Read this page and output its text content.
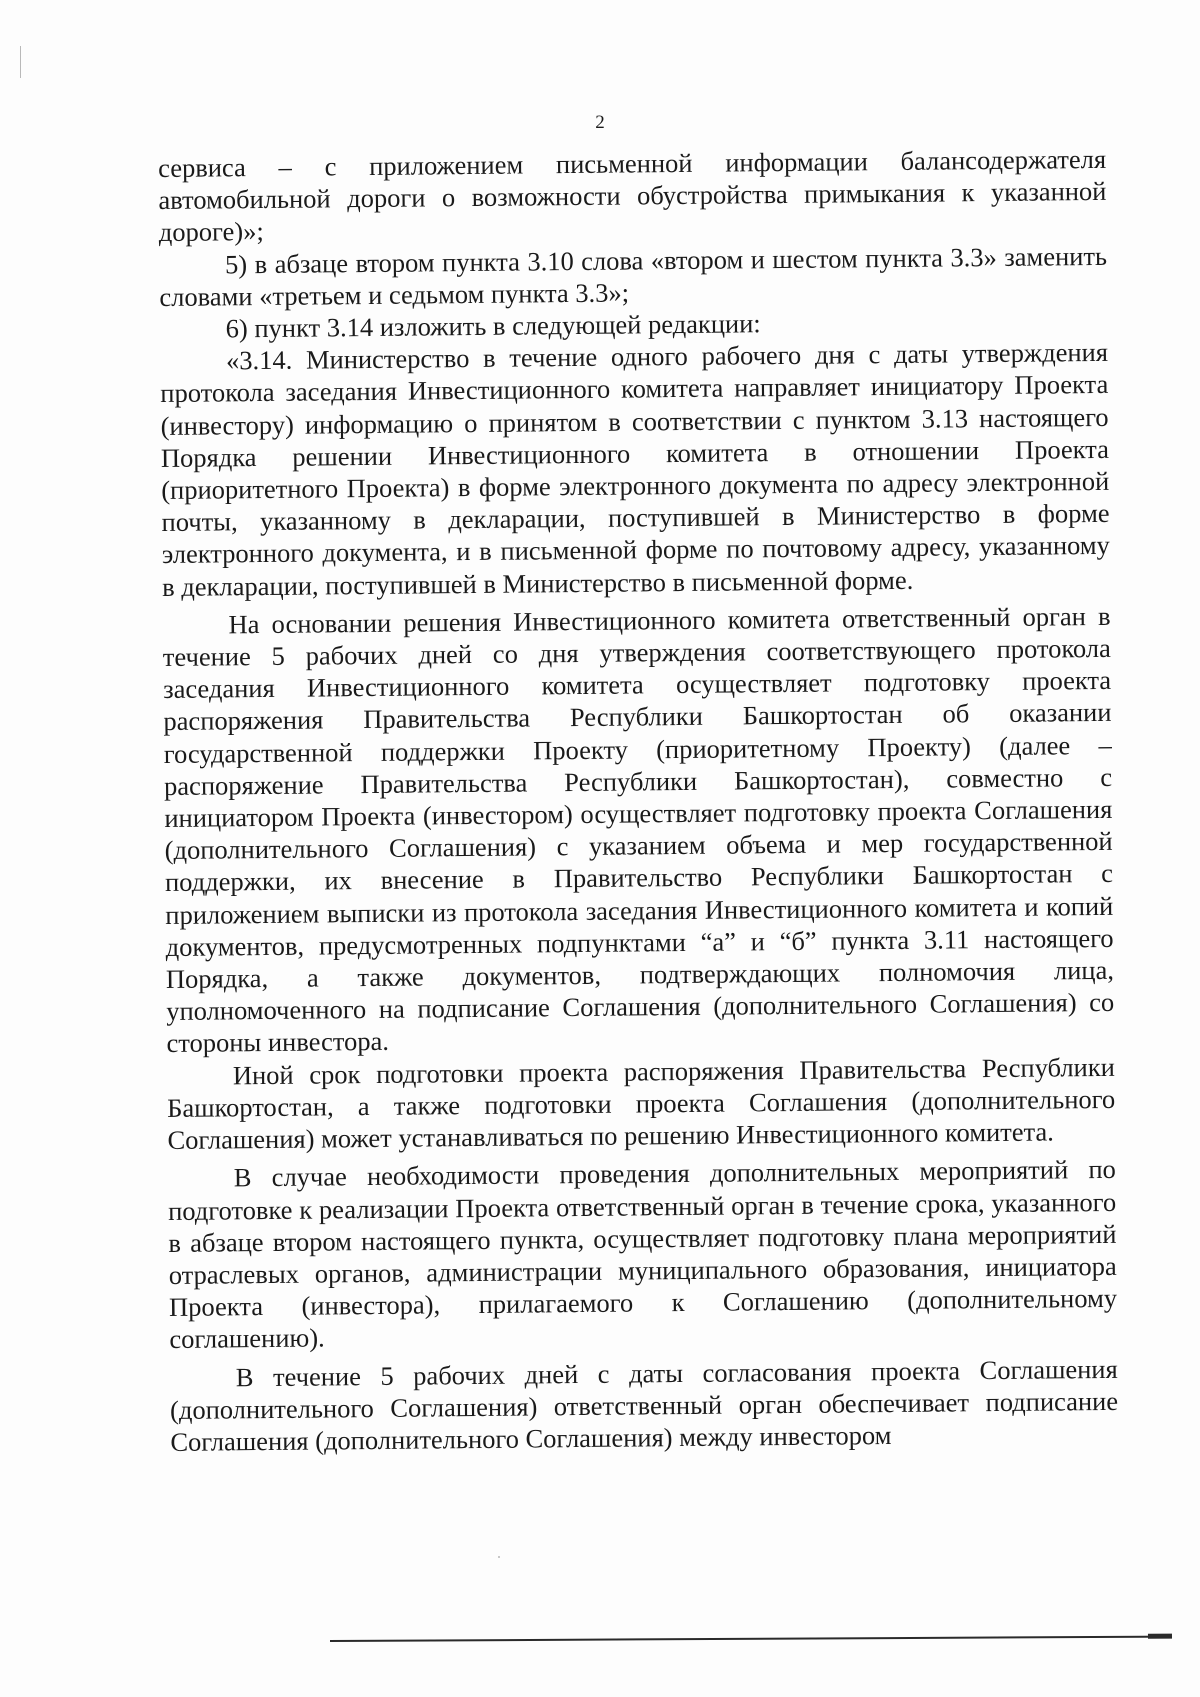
2

сервиса – с приложением письменной информации балансодержателя автомобильной дороги о возможности обустройства примыкания к указанной дороге)»;

5) в абзаце втором пункта 3.10 слова «втором и шестом пункта 3.3» заменить словами «третьем и седьмом пункта 3.3»;

6) пункт 3.14 изложить в следующей редакции:

«3.14. Министерство в течение одного рабочего дня с даты утверждения протокола заседания Инвестиционного комитета направляет инициатору Проекта (инвестору) информацию о принятом в соответствии с пунктом 3.13 настоящего Порядка решении Инвестиционного комитета в отношении Проекта (приоритетного Проекта) в форме электронного документа по адресу электронной почты, указанному в декларации, поступившей в Министерство в форме электронного документа, и в письменной форме по почтовому адресу, указанному в декларации, поступившей в Министерство в письменной форме.

На основании решения Инвестиционного комитета ответственный орган в течение 5 рабочих дней со дня утверждения соответствующего протокола заседания Инвестиционного комитета осуществляет подготовку проекта распоряжения Правительства Республики Башкортостан об оказании государственной поддержки Проекту (приоритетному Проекту) (далее – распоряжение Правительства Республики Башкортостан), совместно с инициатором Проекта (инвестором) осуществляет подготовку проекта Соглашения (дополнительного Соглашения) с указанием объема и мер государственной поддержки, их внесение в Правительство Республики Башкортостан с приложением выписки из протокола заседания Инвестиционного комитета и копий документов, предусмотренных подпунктами “а” и “б” пункта 3.11 настоящего Порядка, а также документов, подтверждающих полномочия лица, уполномоченного на подписание Соглашения (дополнительного Соглашения) со стороны инвестора.

Иной срок подготовки проекта распоряжения Правительства Республики Башкортостан, а также подготовки проекта Соглашения (дополнительного Соглашения) может устанавливаться по решению Инвестиционного комитета.

В случае необходимости проведения дополнительных мероприятий по подготовке к реализации Проекта ответственный орган в течение срока, указанного в абзаце втором настоящего пункта, осуществляет подготовку плана мероприятий отраслевых органов, администрации муниципального образования, инициатора Проекта (инвестора), прилагаемого к Соглашению (дополнительному соглашению).

В течение 5 рабочих дней с даты согласования проекта Соглашения (дополнительного Соглашения) ответственный орган обеспечивает подписание Соглашения (дополнительного Соглашения) между инвестором
